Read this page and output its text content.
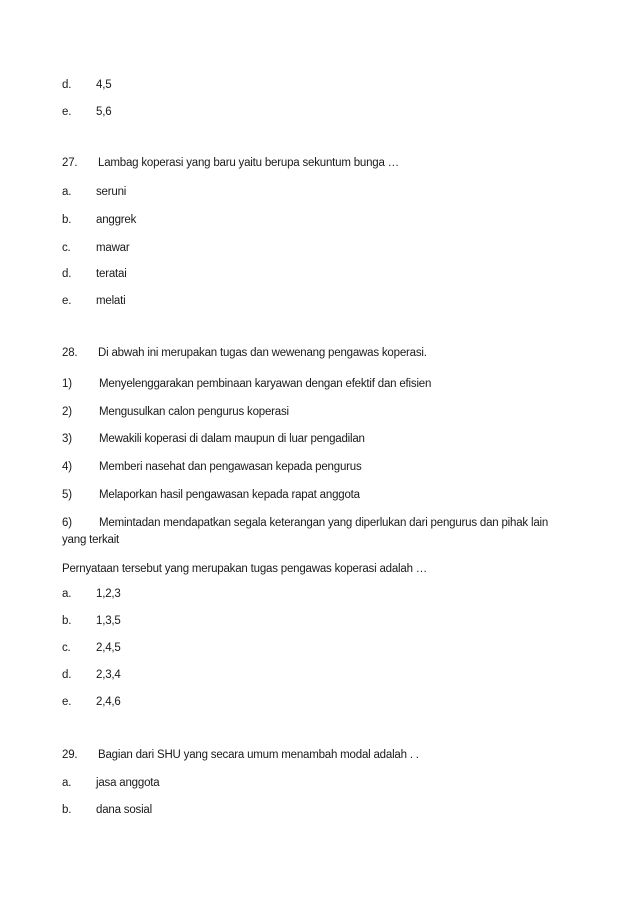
d. 4,5
e. 5,6
27. Lambag koperasi yang baru yaitu berupa sekuntum bunga …
a. seruni
b. anggrek
c. mawar
d. teratai
e. melati
28. Di abwah ini merupakan tugas dan wewenang pengawas koperasi.
1) Menyelenggarakan pembinaan karyawan dengan efektif dan efisien
2) Mengusulkan calon pengurus koperasi
3) Mewakili koperasi di dalam maupun di luar pengadilan
4) Memberi nasehat dan pengawasan kepada pengurus
5) Melaporkan hasil pengawasan kepada rapat anggota
6) Memintadan mendapatkan segala keterangan yang diperlukan dari pengurus dan pihak lain yang terkait
Pernyataan tersebut yang merupakan tugas pengawas koperasi adalah …
a. 1,2,3
b. 1,3,5
c. 2,4,5
d. 2,3,4
e. 2,4,6
29. Bagian dari SHU yang secara umum menambah modal adalah . .
a. jasa anggota
b. dana sosial
